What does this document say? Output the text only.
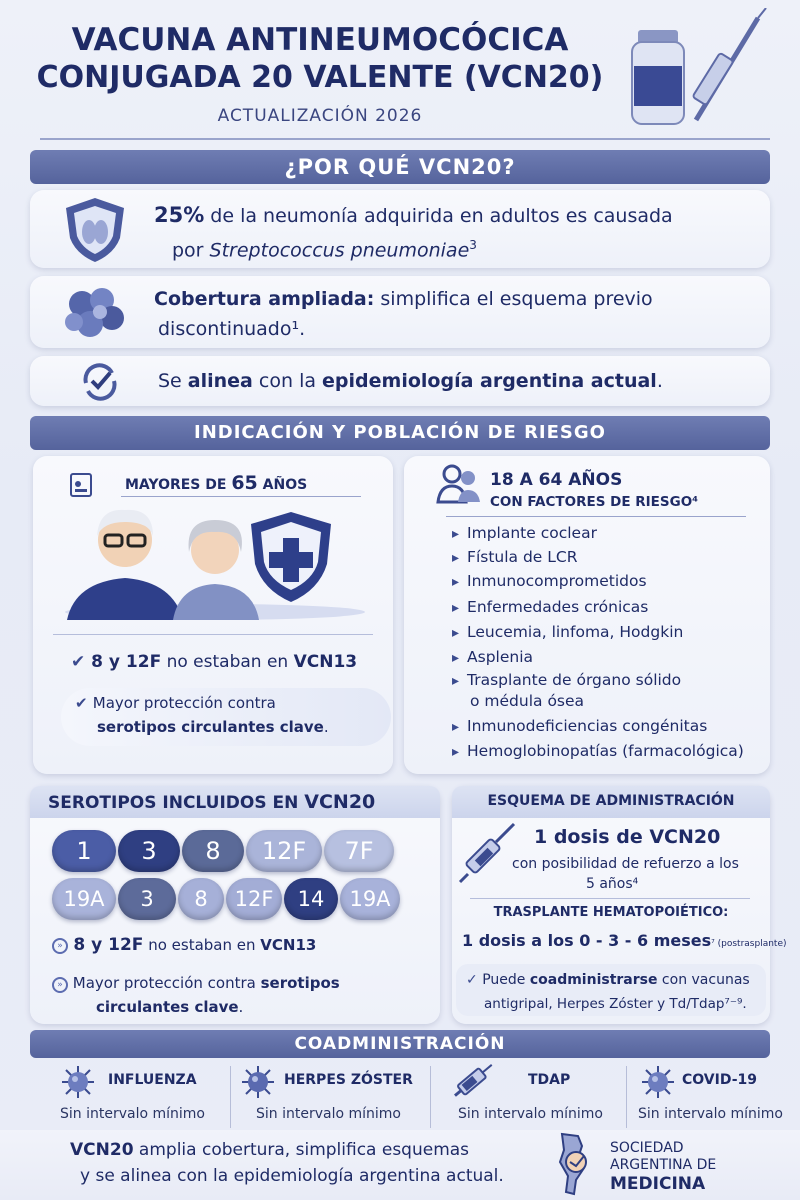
VACUNA ANTINEUMOCÓCICA
CONJUGADA 20 VALENTE (VCN20)
ACTUALIZACIÓN 2026
¿POR QUÉ VCN20?
25% de la neumonía adquirida en adultos es causada
por Streptococcus pneumoniae$^3$
Cobertura ampliada: simplifica el esquema previo
discontinuado¹.
Se alinea con la epidemiología argentina actual.
INDICACIÓN Y POBLACIÓN DE RIESGO
MAYORES DE 65 AÑOS
✔ 8 y 12F no estaban en VCN13
✔ Mayor protección contra
serotipos circulantes clave.
18 A 64 AÑOS
CON FACTORES DE RIESGO⁴
▸ Implante coclear
▸ Fístula de LCR
▸ Inmunocomprometidos
▸ Enfermedades crónicas
▸ Leucemia, linfoma, Hodgkin
▸ Asplenia
▸ Trasplante de órgano sólido
o médula ósea
▸ Inmunodeficiencias congénitas
▸ Hemoglobinopatías (farmacológica)
SEROTIPOS INCLUIDOS EN VCN20
1	3	8	12F	7F
19A	3	8	12F	14	19A
» 8 y 12F no estaban en VCN13
» Mayor protección contra serotipos
circulantes clave.
ESQUEMA DE ADMINISTRACIÓN
1 dosis de VCN20
con posibilidad de refuerzo a los
5 años⁴
TRASPLANTE HEMATOPOIÉTICO:
1 dosis a los 0 - 3 - 6 meses⁷ (postrasplante)
✓ Puede coadministrarse con vacunas
antigripal, Herpes Zóster y Td/Tdap⁷⁻⁹.
COADMINISTRACIÓN
INFLUENZA
Sin intervalo mínimo
HERPES ZÓSTER
Sin intervalo mínimo
TDAP
Sin intervalo mínimo
COVID-19
Sin intervalo mínimo
VCN20 amplia cobertura, simplifica esquemas
y se alinea con la epidemiología argentina actual.
SOCIEDAD
ARGENTINA DE
MEDICINA
